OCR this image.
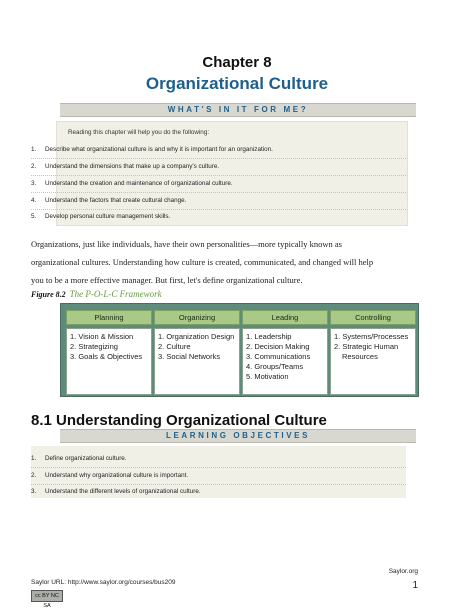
Chapter 8
Organizational Culture
WHAT'S IN IT FOR ME?
Reading this chapter will help you do the following:
1. Describe what organizational culture is and why it is important for an organization.
2. Understand the dimensions that make up a company's culture.
3. Understand the creation and maintenance of organizational culture.
4. Understand the factors that create cultural change.
5. Develop personal culture management skills.
Organizations, just like individuals, have their own personalities—more typically known as
organizational cultures. Understanding how culture is created, communicated, and changed will help
you to be a more effective manager. But first, let's define organizational culture.
Figure 8.2 The P-O-L-C Framework
Planning
1. Vision & Mission
2. Strategizing
3. Goals & Objectives
Organizing
1. Organization Design
2. Culture
3. Social Networks
Leading
1. Leadership
2. Decision Making
3. Communications
4. Groups/Teams
5. Motivation
Controlling
1. Systems/Processes
2. Strategic Human Resources
8.1 Understanding Organizational Culture
LEARNING OBJECTIVES
1. Define organizational culture.
2. Understand why organizational culture is important.
3. Understand the different levels of organizational culture.
Saylor.org
1
Saylor URL: http://www.saylor.org/courses/bus209
cc BY NC SA
